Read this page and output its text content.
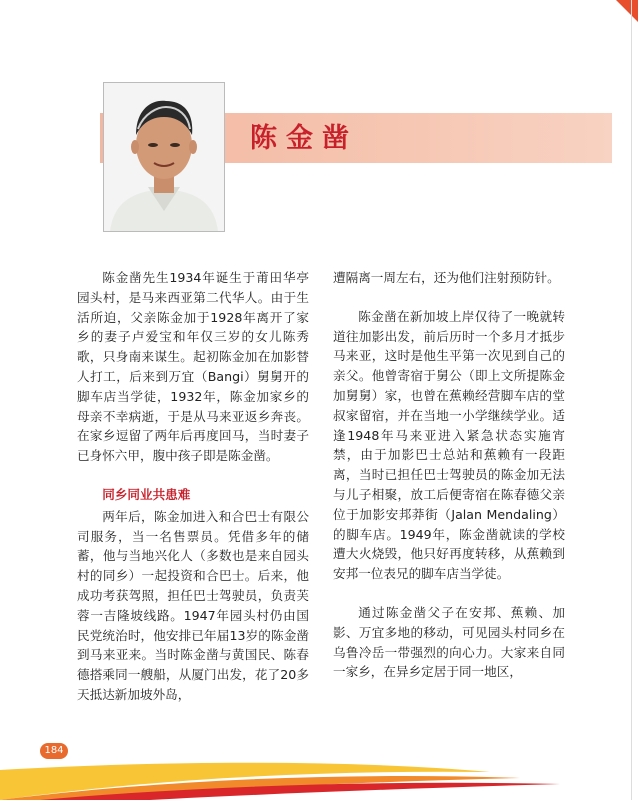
陈金凿

陈金凿先生1934年诞生于莆田华亭园头村，是马来西亚第二代华人。由于生活所迫，父亲陈金加于1928年离开了家乡的妻子卢爱宝和年仅三岁的女儿陈秀歌，只身南来谋生。起初陈金加在加影替人打工，后来到万宜（Bangi）舅舅开的脚车店当学徒，1932年，陈金加家乡的母亲不幸病逝，于是从马来亚返乡奔丧。在家乡逗留了两年后再度回马，当时妻子已身怀六甲，腹中孩子即是陈金凿。

同乡同业共患难

两年后，陈金加进入和合巴士有限公司服务，当一名售票员。凭借多年的储蓄，他与当地兴化人（多数也是来自园头村的同乡）一起投资和合巴士。后来，他成功考获驾照，担任巴士驾驶员，负责芙蓉一吉隆坡线路。1947年园头村仍由国民党统治时，他安排已年届13岁的陈金凿到马来亚来。当时陈金凿与黄国民、陈春德搭乘同一艘船，从厦门出发，花了20多天抵达新加坡外岛，

遭隔离一周左右，还为他们注射预防针。

陈金凿在新加坡上岸仅待了一晚就转道往加影出发，前后历时一个多月才抵步马来亚，这时是他生平第一次见到自己的亲父。他曾寄宿于舅公（即上文所提陈金加舅舅）家，也曾在蕉赖经营脚车店的堂叔家留宿，并在当地一小学继续学业。适逢1948年马来亚进入紧急状态实施宵禁，由于加影巴士总站和蕉赖有一段距离，当时已担任巴士驾驶员的陈金加无法与儿子相聚，放工后便寄宿在陈春德父亲位于加影安邦莽街（Jalan Mendaling）的脚车店。1949年，陈金凿就读的学校遭大火烧毁，他只好再度转移，从蕉赖到安邦一位表兄的脚车店当学徒。

通过陈金凿父子在安邦、蕉赖、加影、万宜多地的移动，可见园头村同乡在乌鲁冷岳一带强烈的向心力。大家来自同一家乡，在异乡定居于同一地区，

184
